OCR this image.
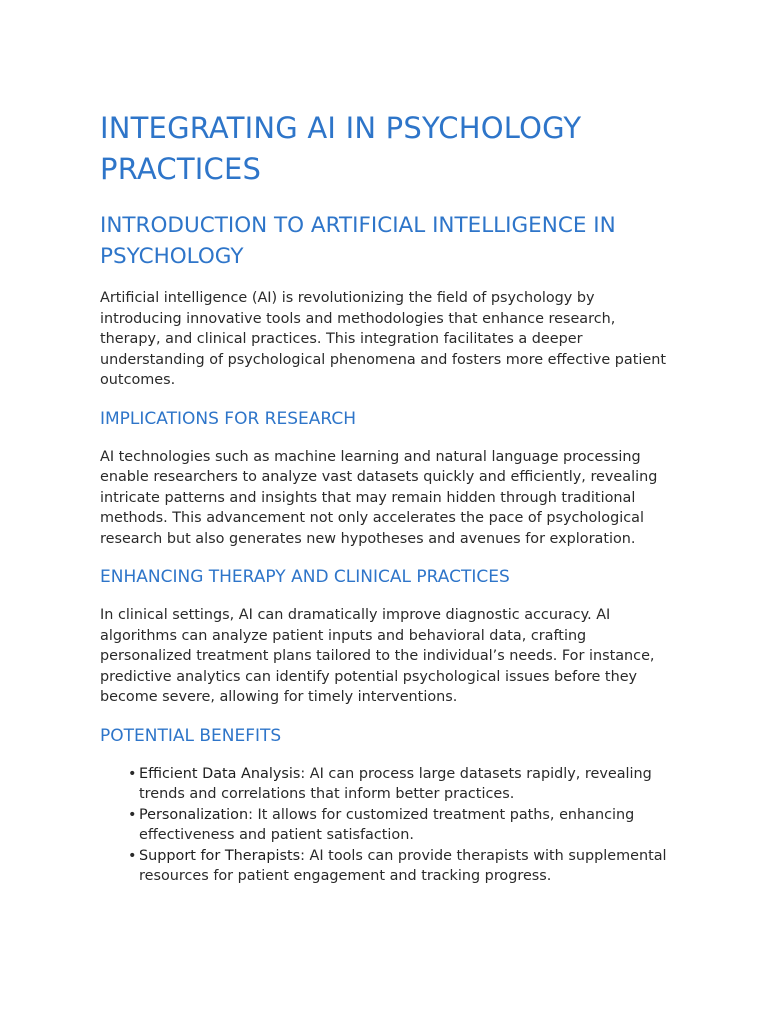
INTEGRATING AI IN PSYCHOLOGY PRACTICES
INTRODUCTION TO ARTIFICIAL INTELLIGENCE IN PSYCHOLOGY

Artificial intelligence (AI) is revolutionizing the field of psychology by introducing innovative tools and methodologies that enhance research, therapy, and clinical practices. This integration facilitates a deeper understanding of psychological phenomena and fosters more effective patient outcomes.

IMPLICATIONS FOR RESEARCH

AI technologies such as machine learning and natural language processing enable researchers to analyze vast datasets quickly and efficiently, revealing intricate patterns and insights that may remain hidden through traditional methods. This advancement not only accelerates the pace of psychological research but also generates new hypotheses and avenues for exploration.

ENHANCING THERAPY AND CLINICAL PRACTICES

In clinical settings, AI can dramatically improve diagnostic accuracy. AI algorithms can analyze patient inputs and behavioral data, crafting personalized treatment plans tailored to the individual’s needs. For instance, predictive analytics can identify potential psychological issues before they become severe, allowing for timely interventions.

POTENTIAL BENEFITS
• Efficient Data Analysis: AI can process large datasets rapidly, revealing trends and correlations that inform better practices.
• Personalization: It allows for customized treatment paths, enhancing effectiveness and patient satisfaction.
• Support for Therapists: AI tools can provide therapists with supplemental resources for patient engagement and tracking progress.
